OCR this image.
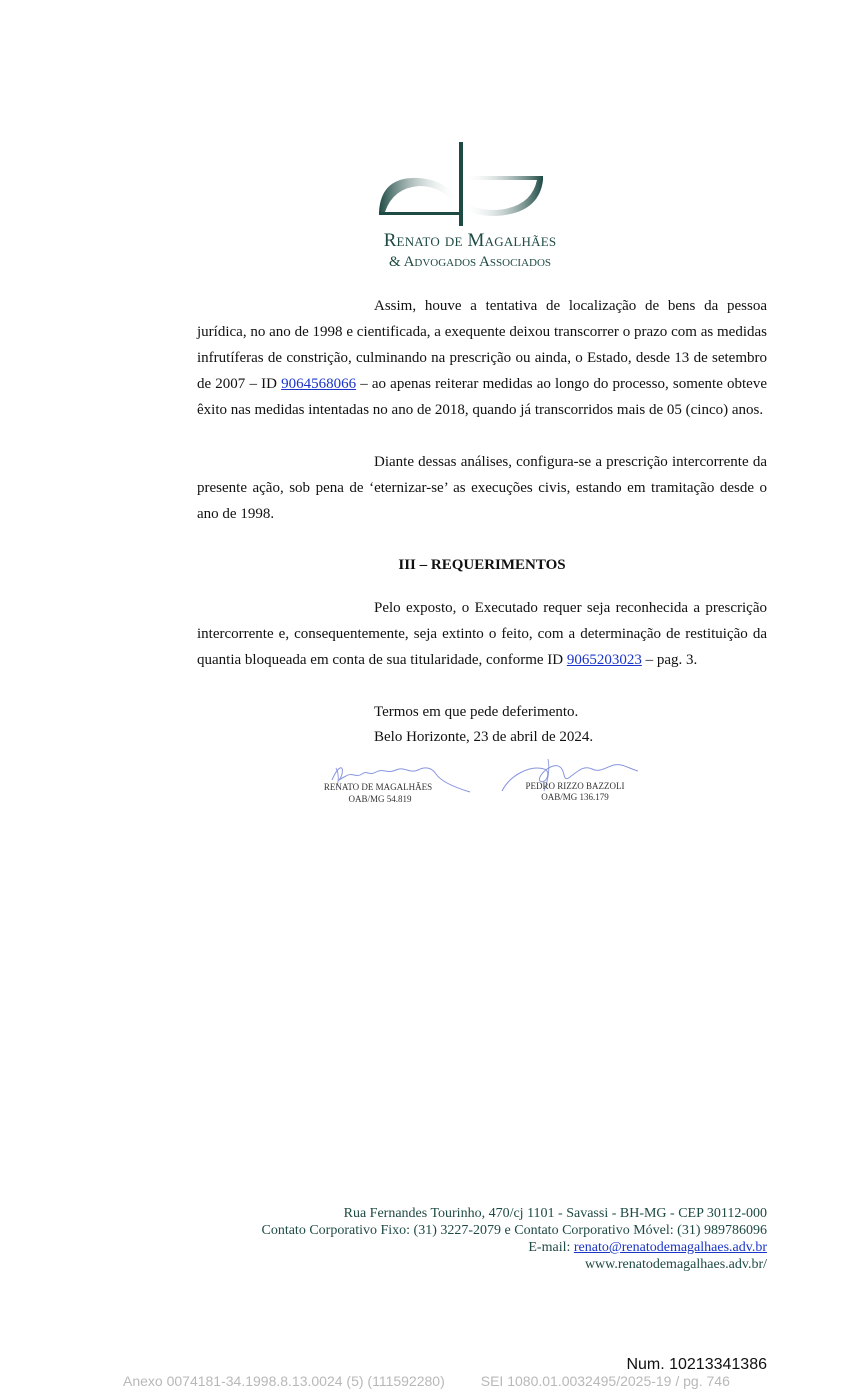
Renato de Magalhães
& Advogados Associados

Assim, houve a tentativa de localização de bens da pessoa jurídica, no ano de 1998 e cientificada, a exequente deixou transcorrer o prazo com as medidas infrutíferas de constrição, culminando na prescrição ou ainda, o Estado, desde 13 de setembro de 2007 – ID 9064568066 – ao apenas reiterar medidas ao longo do processo, somente obteve êxito nas medidas intentadas no ano de 2018, quando já transcorridos mais de 05 (cinco) anos.

Diante dessas análises, configura-se a prescrição intercorrente da presente ação, sob pena de ‘eternizar-se’ as execuções civis, estando em tramitação desde o ano de 1998.

III – REQUERIMENTOS

Pelo exposto, o Executado requer seja reconhecida a prescrição intercorrente e, consequentemente, seja extinto o feito, com a determinação de restituição da quantia bloqueada em conta de sua titularidade, conforme ID 9065203023 – pag. 3.

Termos em que pede deferimento.
Belo Horizonte, 23 de abril de 2024.
RENATO DE MAGALHÃES
OAB/MG 54.819
PEDRO RIZZO BAZZOLI
OAB/MG 136.179
Rua Fernandes Tourinho, 470/cj 1101 - Savassi - BH-MG - CEP 30112-000
Contato Corporativo Fixo: (31) 3227-2079 e Contato Corporativo Móvel: (31) 989786096
E-mail: renato@renatodemagalhaes.adv.br
www.renatodemagalhaes.adv.br/
Num. 10213341386
Anexo 0074181-34.1998.8.13.0024 (5) (111592280)	SEI 1080.01.0032495/2025-19 / pg. 746
